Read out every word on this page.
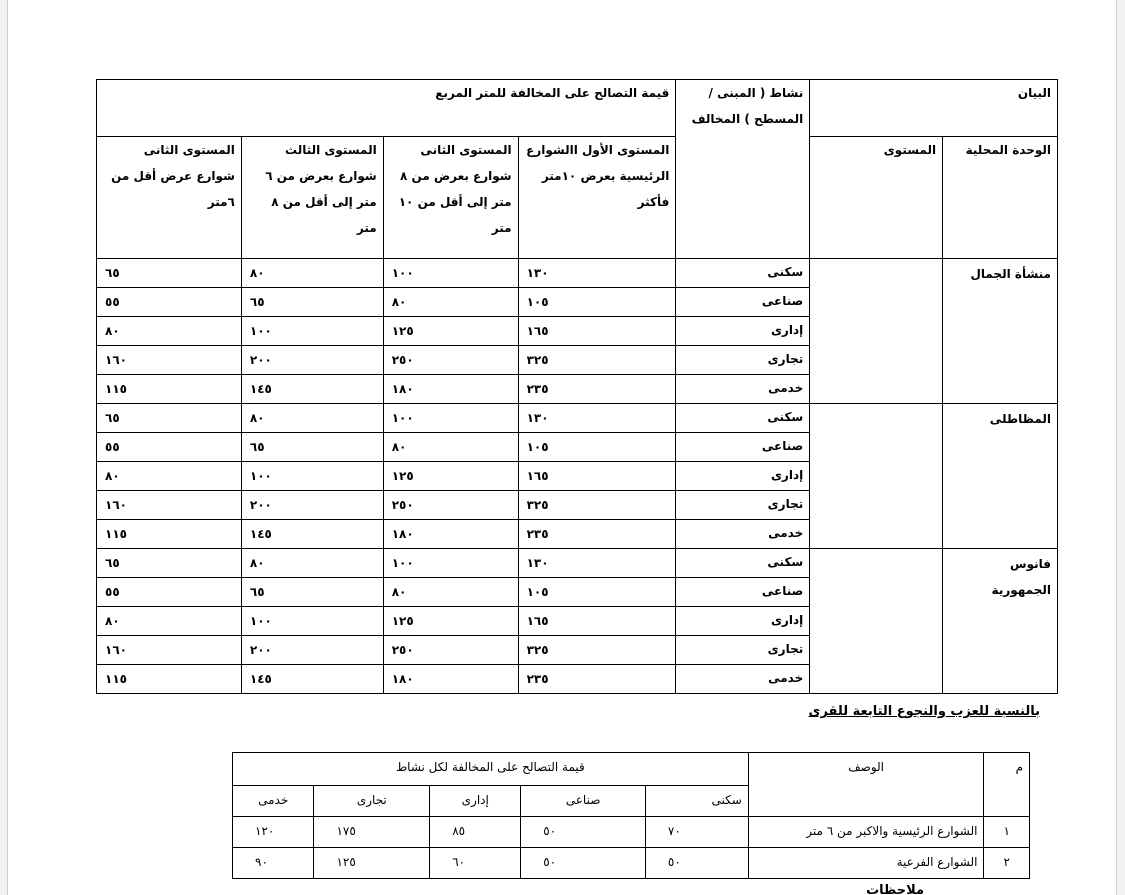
البيان		نشاط ( المبنى / المسطح ) المخالف	قيمة التصالح على المخالفة للمتر المربع			
الوحدة المحلية	المستوى		المستوى الأول االشوارع الرئيسية بعرض ١٠متر فأكثر	المستوى الثانى شوارع بعرض من ٨ متر إلى أقل من ١٠ متر	المستوى الثالث شوارع بعرض من ٦ متر إلى أقل من ٨ متر	المستوى الثانى شوارع عرض أقل من ٦متر
منشأة الجمال		سكنى	١٣٠	١٠٠	٨٠	٦٥
		صناعى	١٠٥	٨٠	٦٥	٥٥
		إدارى	١٦٥	١٢٥	١٠٠	٨٠
		تجارى	٣٢٥	٢٥٠	٢٠٠	١٦٠
		خدمى	٢٣٥	١٨٠	١٤٥	١١٥
المظاطلى		سكنى	١٣٠	١٠٠	٨٠	٦٥
		صناعى	١٠٥	٨٠	٦٥	٥٥
		إدارى	١٦٥	١٢٥	١٠٠	٨٠
		تجارى	٣٢٥	٢٥٠	٢٠٠	١٦٠
		خدمى	٢٣٥	١٨٠	١٤٥	١١٥
فانوس الجمهورية		سكنى	١٣٠	١٠٠	٨٠	٦٥
		صناعى	١٠٥	٨٠	٦٥	٥٥
		إدارى	١٦٥	١٢٥	١٠٠	٨٠
		تجارى	٣٢٥	٢٥٠	٢٠٠	١٦٠
		خدمى	٢٣٥	١٨٠	١٤٥	١١٥
بالنسبة للعزب والنجوع التابعة للقرى
م	الوصف	قيمة التصالح على المخالفة لكل نشاط				
		سكنى	صناعى	إدارى	تجارى	خدمى
١	الشوارع الرئيسية والاكبر من ٦ متر	٧٠	٥٠	٨٥	١٧٥	١٢٠
٢	الشوارع الفرعية	٥٠	٥٠	٦٠	١٢٥	٩٠
ملاحظات
